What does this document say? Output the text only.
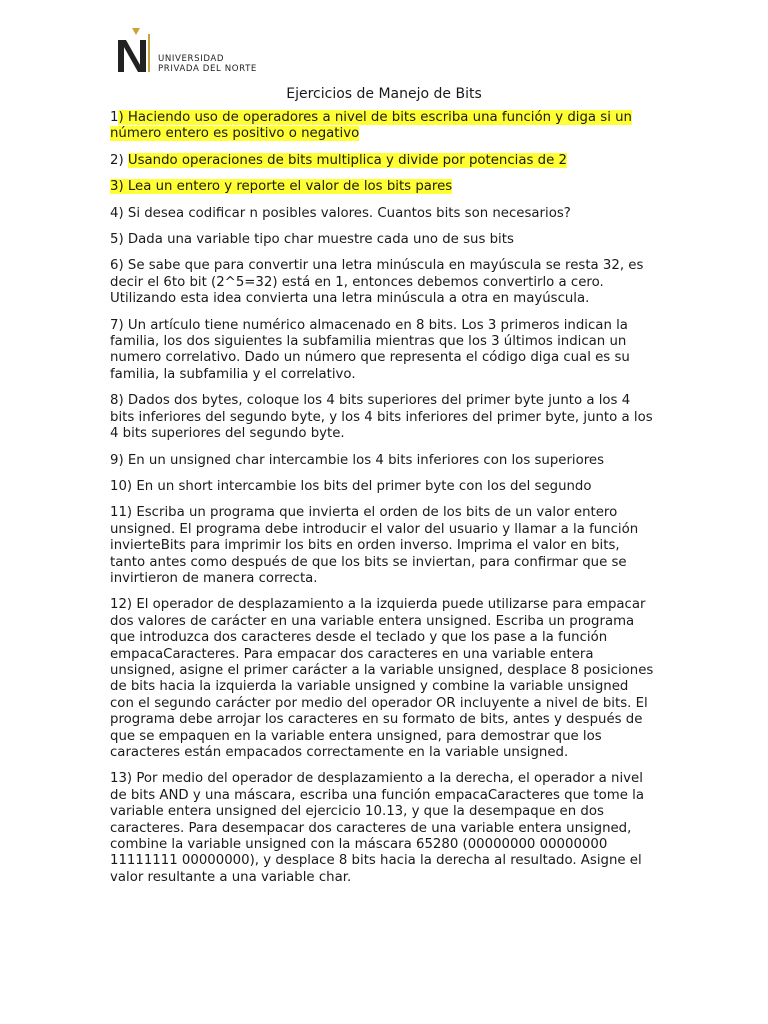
UNIVERSIDAD
PRIVADA DEL NORTE
Ejercicios de Manejo de Bits

1) Haciendo uso de operadores a nivel de bits escriba una función y diga si un número entero es positivo o negativo

2) Usando operaciones de bits multiplica y divide por potencias de 2

3) Lea un entero y reporte el valor de los bits pares

4) Si desea codificar n posibles valores. Cuantos bits son necesarios?

5) Dada una variable tipo char muestre cada uno de sus bits

6) Se sabe que para convertir una letra minúscula en mayúscula se resta 32, es decir el 6to bit (2^5=32) está en 1, entonces debemos convertirlo a cero. Utilizando esta idea convierta una letra minúscula a otra en mayúscula.

7) Un artículo tiene numérico almacenado en 8 bits. Los 3 primeros indican la familia, los dos siguientes la subfamilia mientras que los 3 últimos indican un numero correlativo. Dado un número que representa el código diga cual es su familia, la subfamilia y el correlativo.

8) Dados dos bytes, coloque los 4 bits superiores del primer byte junto a los 4 bits inferiores del segundo byte, y los 4 bits inferiores del primer byte, junto a los 4 bits superiores del segundo byte.

9) En un unsigned char intercambie los 4 bits inferiores con los superiores

10) En un short intercambie los bits del primer byte con los del segundo

11) Escriba un programa que invierta el orden de los bits de un valor entero unsigned. El programa debe introducir el valor del usuario y llamar a la función invierteBits para imprimir los bits en orden inverso. Imprima el valor en bits, tanto antes como después de que los bits se inviertan, para confirmar que se invirtieron de manera correcta.

12) El operador de desplazamiento a la izquierda puede utilizarse para empacar dos valores de carácter en una variable entera unsigned. Escriba un programa que introduzca dos caracteres desde el teclado y que los pase a la función empacaCaracteres. Para empacar dos caracteres en una variable entera unsigned, asigne el primer carácter a la variable unsigned, desplace 8 posiciones de bits hacia la izquierda la variable unsigned y combine la variable unsigned con el segundo carácter por medio del operador OR incluyente a nivel de bits. El programa debe arrojar los caracteres en su formato de bits, antes y después de que se empaquen en la variable entera unsigned, para demostrar que los caracteres están empacados correctamente en la variable unsigned.

13) Por medio del operador de desplazamiento a la derecha, el operador a nivel de bits AND y una máscara, escriba una función empacaCaracteres que tome la variable entera unsigned del ejercicio 10.13, y que la desempaque en dos caracteres. Para desempacar dos caracteres de una variable entera unsigned, combine la variable unsigned con la máscara 65280 (00000000 00000000 11111111 00000000), y desplace 8 bits hacia la derecha al resultado. Asigne el valor resultante a una variable char.
